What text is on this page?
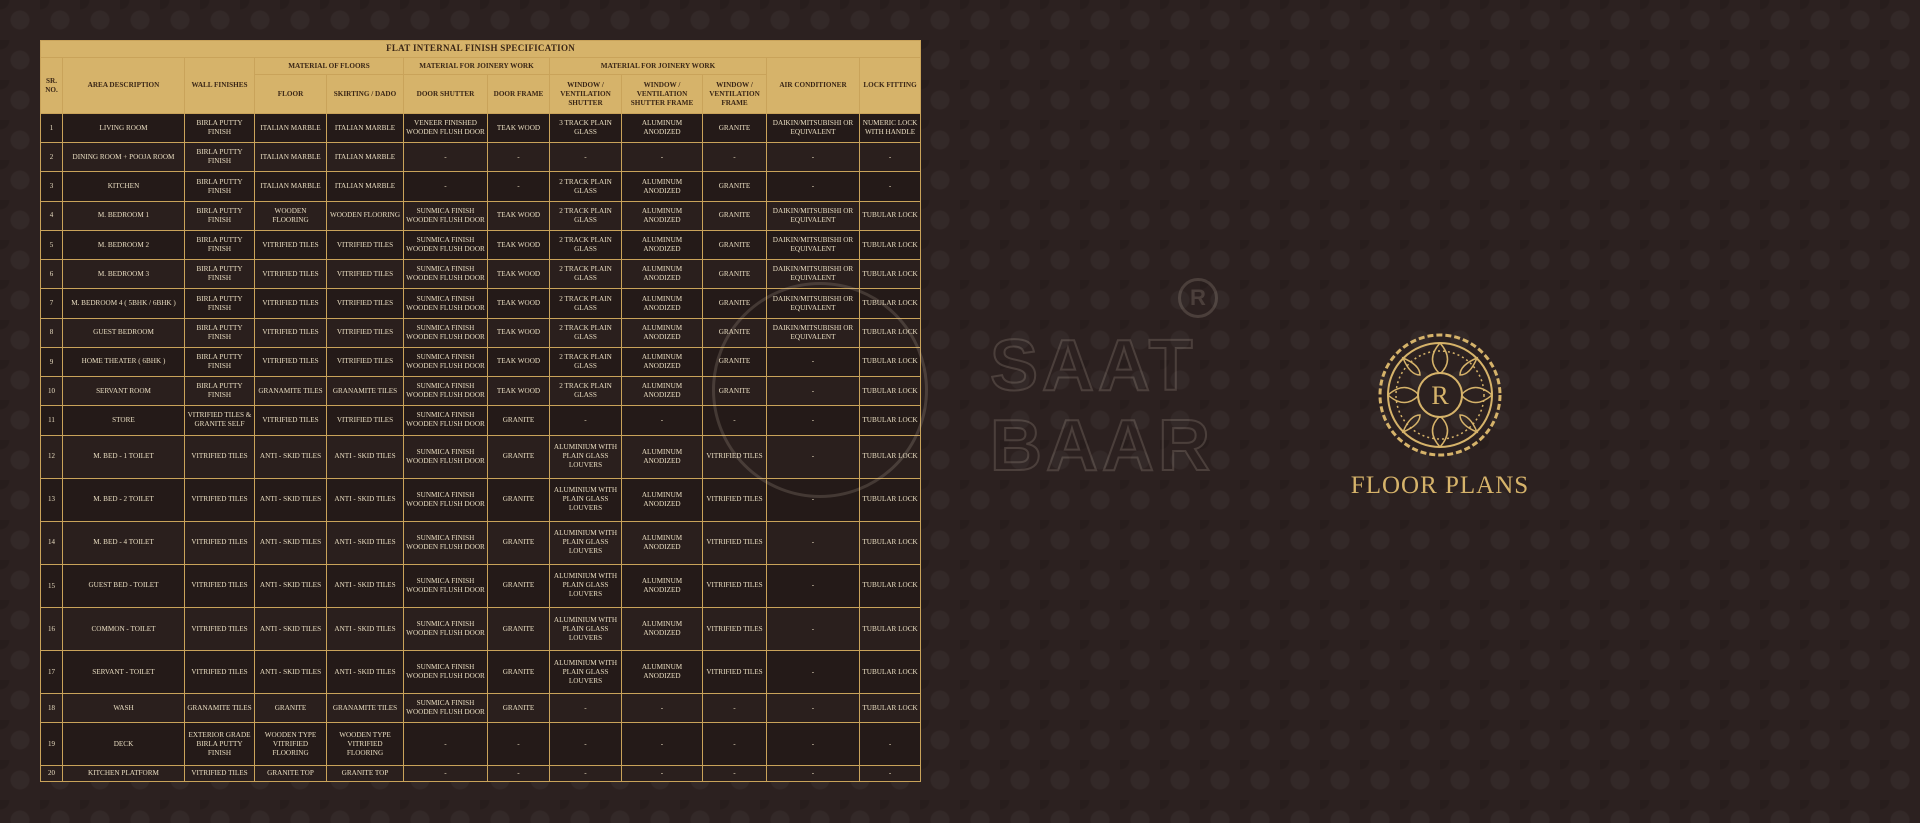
FLAT INTERNAL FINISH SPECIFICATION											
SR. NO.	AREA DESCRIPTION	WALL FINISHES	MATERIAL OF FLOORS		MATERIAL FOR JOINERY WORK		MATERIAL FOR JOINERY WORK			AIR CONDITIONER	LOCK FITTING
			FLOOR	SKIRTING / DADO	DOOR SHUTTER	DOOR FRAME	WINDOW / VENTILATION SHUTTER	WINDOW / VENTILATION SHUTTER FRAME	WINDOW / VENTILATION FRAME		
1	LIVING ROOM	BIRLA PUTTY FINISH	ITALIAN MARBLE	ITALIAN MARBLE	VENEER FINISHED WOODEN FLUSH DOOR	TEAK WOOD	3 TRACK PLAIN GLASS	ALUMINUM ANODIZED	GRANITE	DAIKIN/MITSUBISHI OR EQUIVALENT	NUMERIC LOCK WITH HANDLE
2	DINING ROOM + POOJA ROOM	BIRLA PUTTY FINISH	ITALIAN MARBLE	ITALIAN MARBLE	-	-	-	-	-	-	-
3	KITCHEN	BIRLA PUTTY FINISH	ITALIAN MARBLE	ITALIAN MARBLE	-	-	2 TRACK PLAIN GLASS	ALUMINUM ANODIZED	GRANITE	-	-
4	M. BEDROOM 1	BIRLA PUTTY FINISH	WOODEN FLOORING	WOODEN FLOORING	SUNMICA FINISH WOODEN FLUSH DOOR	TEAK WOOD	2 TRACK PLAIN GLASS	ALUMINUM ANODIZED	GRANITE	DAIKIN/MITSUBISHI OR EQUIVALENT	TUBULAR LOCK
5	M. BEDROOM 2	BIRLA PUTTY FINISH	VITRIFIED TILES	VITRIFIED TILES	SUNMICA FINISH WOODEN FLUSH DOOR	TEAK WOOD	2 TRACK PLAIN GLASS	ALUMINUM ANODIZED	GRANITE	DAIKIN/MITSUBISHI OR EQUIVALENT	TUBULAR LOCK
6	M. BEDROOM 3	BIRLA PUTTY FINISH	VITRIFIED TILES	VITRIFIED TILES	SUNMICA FINISH WOODEN FLUSH DOOR	TEAK WOOD	2 TRACK PLAIN GLASS	ALUMINUM ANODIZED	GRANITE	DAIKIN/MITSUBISHI OR EQUIVALENT	TUBULAR LOCK
7	M. BEDROOM 4 ( 5BHK / 6BHK )	BIRLA PUTTY FINISH	VITRIFIED TILES	VITRIFIED TILES	SUNMICA FINISH WOODEN FLUSH DOOR	TEAK WOOD	2 TRACK PLAIN GLASS	ALUMINUM ANODIZED	GRANITE	DAIKIN/MITSUBISHI OR EQUIVALENT	TUBULAR LOCK
8	GUEST BEDROOM	BIRLA PUTTY FINISH	VITRIFIED TILES	VITRIFIED TILES	SUNMICA FINISH WOODEN FLUSH DOOR	TEAK WOOD	2 TRACK PLAIN GLASS	ALUMINUM ANODIZED	GRANITE	DAIKIN/MITSUBISHI OR EQUIVALENT	TUBULAR LOCK
9	HOME THEATER ( 6BHK )	BIRLA PUTTY FINISH	VITRIFIED TILES	VITRIFIED TILES	SUNMICA FINISH WOODEN FLUSH DOOR	TEAK WOOD	2 TRACK PLAIN GLASS	ALUMINUM ANODIZED	GRANITE	-	TUBULAR LOCK
10	SERVANT ROOM	BIRLA PUTTY FINISH	GRANAMITE TILES	GRANAMITE TILES	SUNMICA FINISH WOODEN FLUSH DOOR	TEAK WOOD	2 TRACK PLAIN GLASS	ALUMINUM ANODIZED	GRANITE	-	TUBULAR LOCK
11	STORE	VITRIFIED TILES & GRANITE SELF	VITRIFIED TILES	VITRIFIED TILES	SUNMICA FINISH WOODEN FLUSH DOOR	GRANITE	-	-	-	-	TUBULAR LOCK
12	M. BED - 1 TOILET	VITRIFIED TILES	ANTI - SKID TILES	ANTI - SKID TILES	SUNMICA FINISH WOODEN FLUSH DOOR	GRANITE	ALUMINIUM WITH PLAIN GLASS LOUVERS	ALUMINUM ANODIZED	VITRIFIED TILES	-	TUBULAR LOCK
13	M. BED - 2 TOILET	VITRIFIED TILES	ANTI - SKID TILES	ANTI - SKID TILES	SUNMICA FINISH WOODEN FLUSH DOOR	GRANITE	ALUMINIUM WITH PLAIN GLASS LOUVERS	ALUMINUM ANODIZED	VITRIFIED TILES	-	TUBULAR LOCK
14	M. BED - 4 TOILET	VITRIFIED TILES	ANTI - SKID TILES	ANTI - SKID TILES	SUNMICA FINISH WOODEN FLUSH DOOR	GRANITE	ALUMINIUM WITH PLAIN GLASS LOUVERS	ALUMINUM ANODIZED	VITRIFIED TILES	-	TUBULAR LOCK
15	GUEST BED - TOILET	VITRIFIED TILES	ANTI - SKID TILES	ANTI - SKID TILES	SUNMICA FINISH WOODEN FLUSH DOOR	GRANITE	ALUMINIUM WITH PLAIN GLASS LOUVERS	ALUMINUM ANODIZED	VITRIFIED TILES	-	TUBULAR LOCK
16	COMMON - TOILET	VITRIFIED TILES	ANTI - SKID TILES	ANTI - SKID TILES	SUNMICA FINISH WOODEN FLUSH DOOR	GRANITE	ALUMINIUM WITH PLAIN GLASS LOUVERS	ALUMINUM ANODIZED	VITRIFIED TILES	-	TUBULAR LOCK
17	SERVANT - TOILET	VITRIFIED TILES	ANTI - SKID TILES	ANTI - SKID TILES	SUNMICA FINISH WOODEN FLUSH DOOR	GRANITE	ALUMINIUM WITH PLAIN GLASS LOUVERS	ALUMINUM ANODIZED	VITRIFIED TILES	-	TUBULAR LOCK
18	WASH	GRANAMITE TILES	GRANITE	GRANAMITE TILES	SUNMICA FINISH WOODEN FLUSH DOOR	GRANITE	-	-	-	-	TUBULAR LOCK
19	DECK	EXTERIOR GRADE BIRLA PUTTY FINISH	WOODEN TYPE VITRIFIED FLOORING	WOODEN TYPE VITRIFIED FLOORING	-	-	-	-	-	-	-
20	KITCHEN PLATFORM	VITRIFIED TILES	GRANITE TOP	GRANITE TOP	-	-	-	-	-	-	-
R
SAAT
BAAR
R
FLOOR PLANS
